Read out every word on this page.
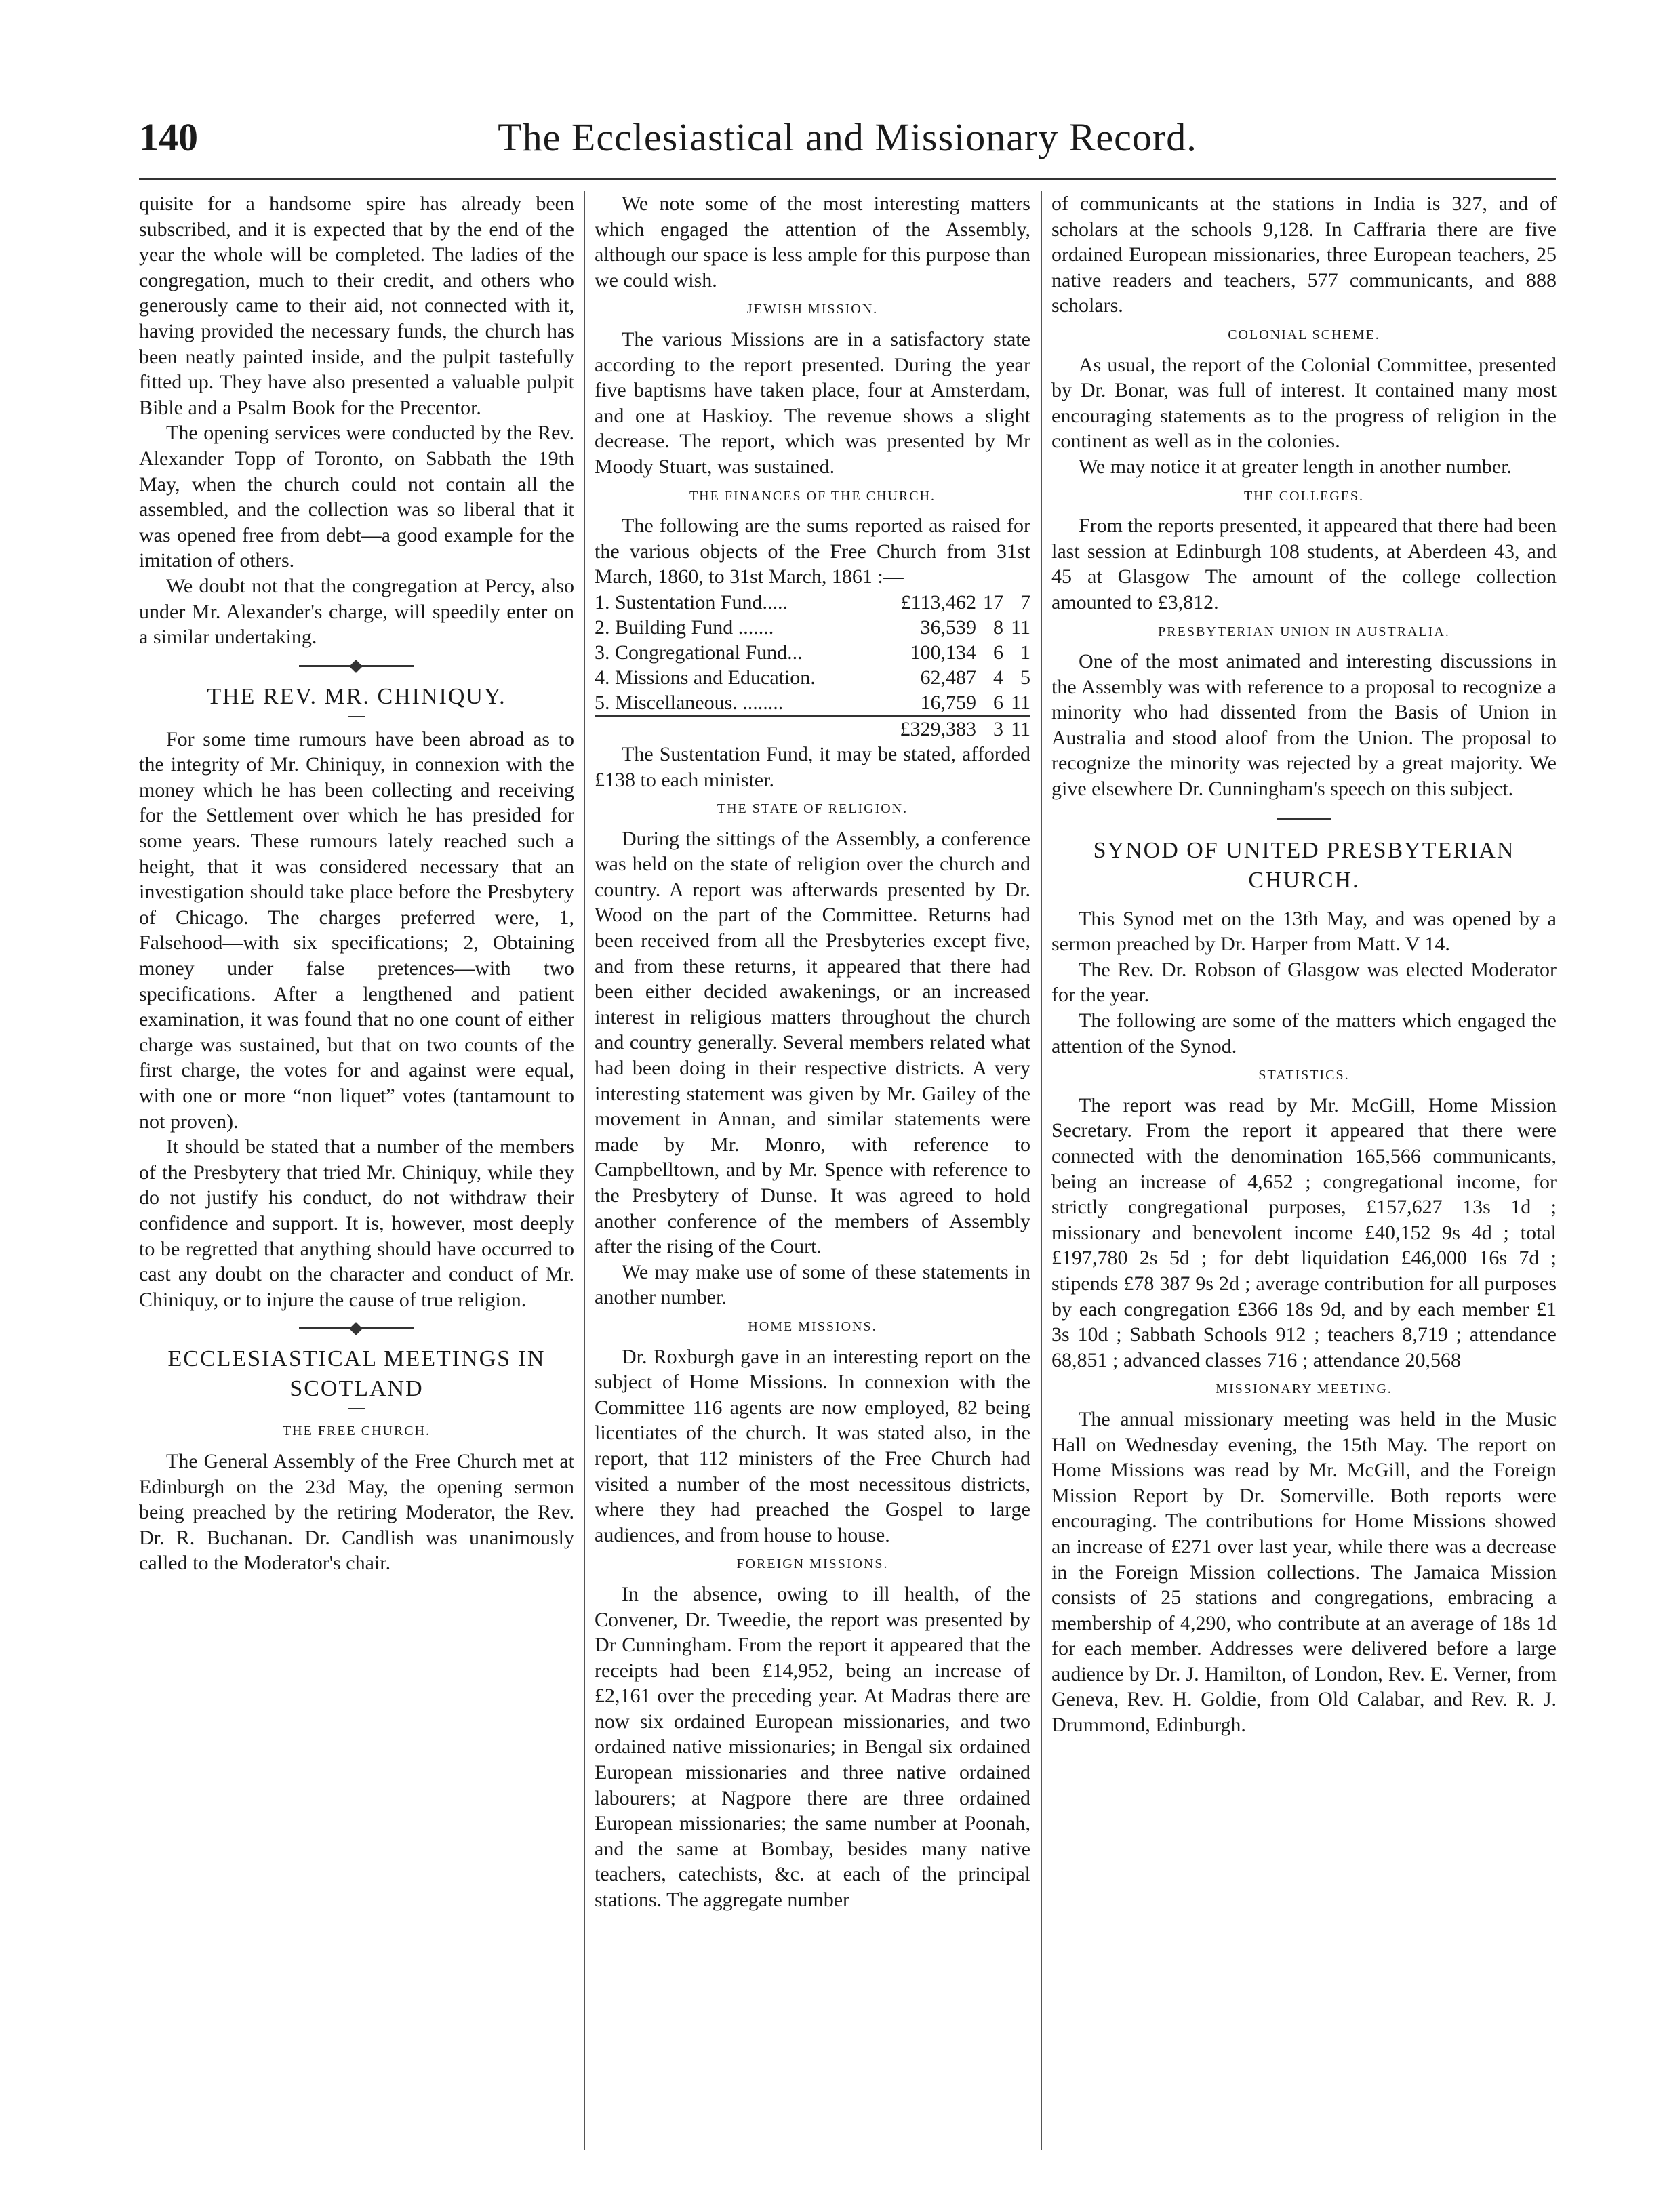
140	The Ecclesiastical and Missionary Record.

quisite for a handsome spire has already been subscribed, and it is expected that by the end of the year the whole will be completed. The ladies of the congregation, much to their credit, and others who generously came to their aid, not connected with it, having provided the necessary funds, the church has been neatly painted inside, and the pulpit tastefully fitted up. They have also presented a valuable pulpit Bible and a Psalm Book for the Precentor.

The opening services were conducted by the Rev. Alexander Topp of Toronto, on Sabbath the 19th May, when the church could not contain all the assembled, and the collection was so liberal that it was opened free from debt—a good example for the imitation of others.

We doubt not that the congregation at Percy, also under Mr. Alexander's charge, will speedily enter on a similar undertaking.

THE REV. MR. CHINIQUY.

For some time rumours have been abroad as to the integrity of Mr. Chiniquy, in connexion with the money which he has been collecting and receiving for the Settlement over which he has presided for some years. These rumours lately reached such a height, that it was considered necessary that an investigation should take place before the Presbytery of Chicago. The charges preferred were, 1, Falsehood—with six specifications; 2, Obtaining money under false pretences—with two specifications. After a lengthened and patient examination, it was found that no one count of either charge was sustained, but that on two counts of the first charge, the votes for and against were equal, with one or more “non liquet” votes (tantamount to not proven).

It should be stated that a number of the members of the Presbytery that tried Mr. Chiniquy, while they do not justify his conduct, do not withdraw their confidence and support. It is, however, most deeply to be regretted that anything should have occurred to cast any doubt on the character and conduct of Mr. Chiniquy, or to injure the cause of true religion.

ECCLESIASTICAL MEETINGS IN SCOTLAND
THE FREE CHURCH.

The General Assembly of the Free Church met at Edinburgh on the 23d May, the opening sermon being preached by the retiring Moderator, the Rev. Dr. R. Buchanan. Dr. Candlish was unanimously called to the Moderator's chair.

We note some of the most interesting matters which engaged the attention of the Assembly, although our space is less ample for this purpose than we could wish.

JEWISH MISSION.

The various Missions are in a satisfactory state according to the report presented. During the year five baptisms have taken place, four at Amsterdam, and one at Haskioy. The revenue shows a slight decrease. The report, which was presented by Mr Moody Stuart, was sustained.

THE FINANCES OF THE CHURCH.

The following are the sums reported as raised for the various objects of the Free Church from 31st March, 1860, to 31st March, 1861 :—

1. Sustentation Fund.....	£113,462	17	7
2. Building Fund .......	36,539	8	11
3. Congregational Fund...	100,134	6	1
4. Missions and Education.	62,487	4	5
5. Miscellaneous. ........	16,759	6	11
	£329,383	3	11

The Sustentation Fund, it may be stated, afforded £138 to each minister.

THE STATE OF RELIGION.

During the sittings of the Assembly, a conference was held on the state of religion over the church and country. A report was afterwards presented by Dr. Wood on the part of the Committee. Returns had been received from all the Presbyteries except five, and from these returns, it appeared that there had been either decided awakenings, or an increased interest in religious matters throughout the church and country generally. Several members related what had been doing in their respective districts. A very interesting statement was given by Mr. Gailey of the movement in Annan, and similar statements were made by Mr. Monro, with reference to Campbelltown, and by Mr. Spence with reference to the Presbytery of Dunse. It was agreed to hold another conference of the members of Assembly after the rising of the Court.

We may make use of some of these statements in another number.

HOME MISSIONS.

Dr. Roxburgh gave in an interesting report on the subject of Home Missions. In connexion with the Committee 116 agents are now employed, 82 being licentiates of the church. It was stated also, in the report, that 112 ministers of the Free Church had visited a number of the most necessitous districts, where they had preached the Gospel to large audiences, and from house to house.

FOREIGN MISSIONS.

In the absence, owing to ill health, of the Convener, Dr. Tweedie, the report was presented by Dr Cunningham. From the report it appeared that the receipts had been £14,952, being an increase of £2,161 over the preceding year. At Madras there are now six ordained European missionaries, and two ordained native missionaries; in Bengal six ordained European missionaries and three native ordained labourers; at Nagpore there are three ordained European missionaries; the same number at Poonah, and the same at Bombay, besides many native teachers, catechists, &c. at each of the principal stations. The aggregate number

of communicants at the stations in India is 327, and of scholars at the schools 9,128. In Caffraria there are five ordained European missionaries, three European teachers, 25 native readers and teachers, 577 communicants, and 888 scholars.

COLONIAL SCHEME.

As usual, the report of the Colonial Committee, presented by Dr. Bonar, was full of interest. It contained many most encouraging statements as to the progress of religion in the continent as well as in the colonies.

We may notice it at greater length in another number.

THE COLLEGES.

From the reports presented, it appeared that there had been last session at Edinburgh 108 students, at Aberdeen 43, and 45 at Glasgow The amount of the college collection amounted to £3,812.

PRESBYTERIAN UNION IN AUSTRALIA.

One of the most animated and interesting discussions in the Assembly was with reference to a proposal to recognize a minority who had dissented from the Basis of Union in Australia and stood aloof from the Union. The proposal to recognize the minority was rejected by a great majority. We give elsewhere Dr. Cunningham's speech on this subject.

SYNOD OF UNITED PRESBYTERIAN CHURCH.

This Synod met on the 13th May, and was opened by a sermon preached by Dr. Harper from Matt. V 14.

The Rev. Dr. Robson of Glasgow was elected Moderator for the year.

The following are some of the matters which engaged the attention of the Synod.

STATISTICS.

The report was read by Mr. McGill, Home Mission Secretary. From the report it appeared that there were connected with the denomination 165,566 communicants, being an increase of 4,652 ; congregational income, for strictly congregational purposes, £157,627 13s 1d ; missionary and benevolent income £40,152 9s 4d ; total £197,780 2s 5d ; for debt liquidation £46,000 16s 7d ; stipends £78 387 9s 2d ; average contribution for all purposes by each congregation £366 18s 9d, and by each member £1 3s 10d ; Sabbath Schools 912 ; teachers 8,719 ; attendance 68,851 ; advanced classes 716 ; attendance 20,568

MISSIONARY MEETING.

The annual missionary meeting was held in the Music Hall on Wednesday evening, the 15th May. The report on Home Missions was read by Mr. McGill, and the Foreign Mission Report by Dr. Somerville. Both reports were encouraging. The contributions for Home Missions showed an increase of £271 over last year, while there was a decrease in the Foreign Mission collections. The Jamaica Mission consists of 25 stations and congregations, embracing a membership of 4,290, who contribute at an average of 18s 1d for each member. Addresses were delivered before a large audience by Dr. J. Hamilton, of London, Rev. E. Verner, from Geneva, Rev. H. Goldie, from Old Calabar, and Rev. R. J. Drummond, Edinburgh.
